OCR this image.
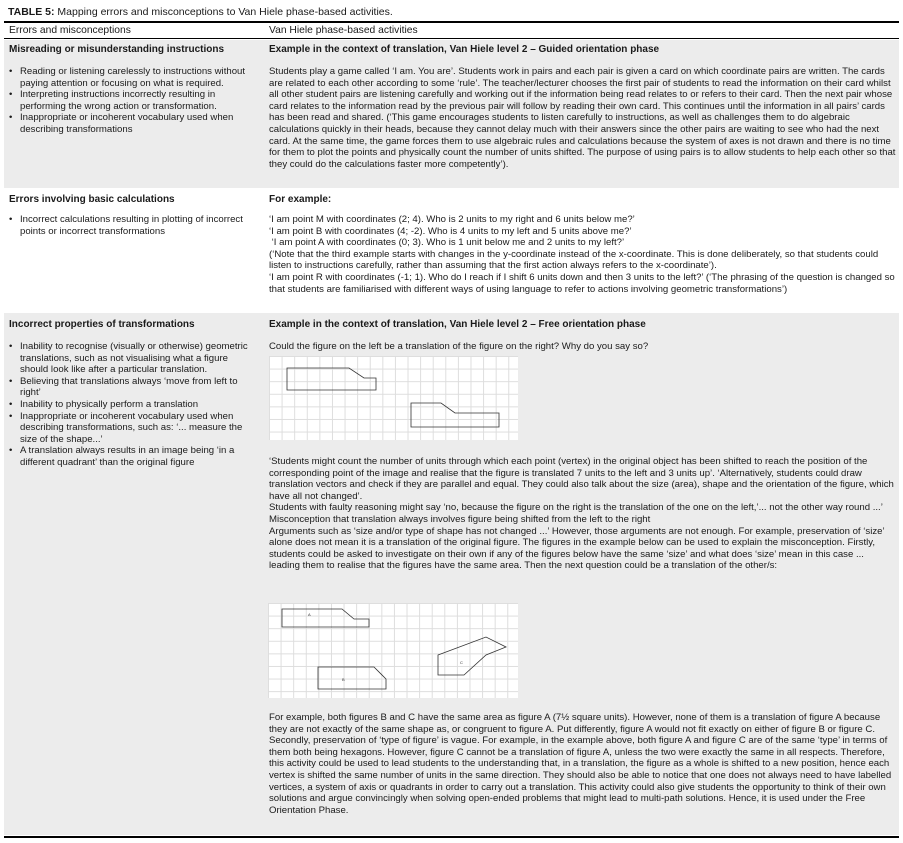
TABLE 5: Mapping errors and misconceptions to Van Hiele phase-based activities.
Errors and misconceptions	Van Hiele phase-based activities
Misreading or misunderstanding instructions
• Reading or listening carelessly to instructions without paying attention or focusing on what is required.
• Interpreting instructions incorrectly resulting in performing the wrong action or transformation.
• Inappropriate or incoherent vocabulary used when describing transformations
Example in the context of translation, Van Hiele level 2 – Guided orientation phase

Students play a game called ‘I am. You are’. Students work in pairs and each pair is given a card on which coordinate pairs are written. The cards are related to each other according to some ‘rule’. The teacher/lecturer chooses the first pair of students to read the information on their card whilst all other student pairs are listening carefully and working out if the information being read relates to or refers to their card. Then the next pair whose card relates to the information read by the previous pair will follow by reading their own card. This continues until the information in all pairs’ cards has been read and shared. (‘This game encourages students to listen carefully to instructions, as well as challenges them to do algebraic calculations quickly in their heads, because they cannot delay much with their answers since the other pairs are waiting to see who had the next card. At the same time, the game forces them to use algebraic rules and calculations because the system of axes is not drawn and there is no time for them to plot the points and physically count the number of units shifted. The purpose of using pairs is to allow students to help each other so that they could do the calculations faster more competently’).

Errors involving basic calculations
• Incorrect calculations resulting in plotting of incorrect points or incorrect transformations
For example:

‘I am point M with coordinates (2; 4). Who is 2 units to my right and 6 units below me?’

‘I am point B with coordinates (4; -2). Who is 4 units to my left and 5 units above me?’

‘I am point A with coordinates (0; 3). Who is 1 unit below me and 2 units to my left?’

(‘Note that the third example starts with changes in the y-coordinate instead of the x-coordinate. This is done deliberately, so that students could listen to instructions carefully, rather than assuming that the first action always refers to the x-coordinate’).

‘I am point R with coordinates (-1; 1). Who do I reach if I shift 6 units down and then 3 units to the left?’ (‘The phrasing of the question is changed so that students are familiarised with different ways of using language to refer to actions involving geometric transformations’)

Incorrect properties of transformations
• Inability to recognise (visually or otherwise) geometric translations, such as not visualising what a figure should look like after a particular translation.
• Believing that translations always ‘move from left to right’
• Inability to physically perform a translation
• Inappropriate or incoherent vocabulary used when describing transformations, such as: ‘... measure the size of the shape...’
• A translation always results in an image being ‘in a different quadrant’ than the original figure
Example in the context of translation, Van Hiele level 2 – Free orientation phase

Could the figure on the left be a translation of the figure on the right? Why do you say so?

‘Students might count the number of units through which each point (vertex) in the original object has been shifted to reach the position of the corresponding point of the image and realise that the figure is translated 7 units to the left and 3 units up’. ‘Alternatively, students could draw translation vectors and check if they are parallel and equal. They could also talk about the size (area), shape and the orientation of the figure, which have all not changed’.

Students with faulty reasoning might say ‘no, because the figure on the right is the translation of the one on the left,’... not the other way round ...’ Misconception that translation always involves figure being shifted from the left to the right

Arguments such as ‘size and/or type of shape has not changed ...’ However, those arguments are not enough. For example, preservation of ‘size’ alone does not mean it is a translation of the original figure. The figures in the example below can be used to explain the misconception. Firstly, students could be asked to investigate on their own if any of the figures below have the same ‘size’ and what does ‘size’ mean in this case ... leading them to realise that the figures have the same area. Then the next question could be a translation of the other/s:

A
B
C

For example, both figures B and C have the same area as figure A (7½ square units). However, none of them is a translation of figure A because they are not exactly of the same shape as, or congruent to figure A. Put differently, figure A would not fit exactly on either of figure B or figure C. Secondly, preservation of ‘type of figure’ is vague. For example, in the example above, both figure A and figure C are of the same ‘type’ in terms of them both being hexagons. However, figure C cannot be a translation of figure A, unless the two were exactly the same in all respects. Therefore, this activity could be used to lead students to the understanding that, in a translation, the figure as a whole is shifted to a new position, hence each vertex is shifted the same number of units in the same direction. They should also be able to notice that one does not always need to have labelled vertices, a system of axis or quadrants in order to carry out a translation. This activity could also give students the opportunity to think of their own solutions and argue convincingly when solving open-ended problems that might lead to multi-path solutions. Hence, it is used under the Free Orientation Phase.
